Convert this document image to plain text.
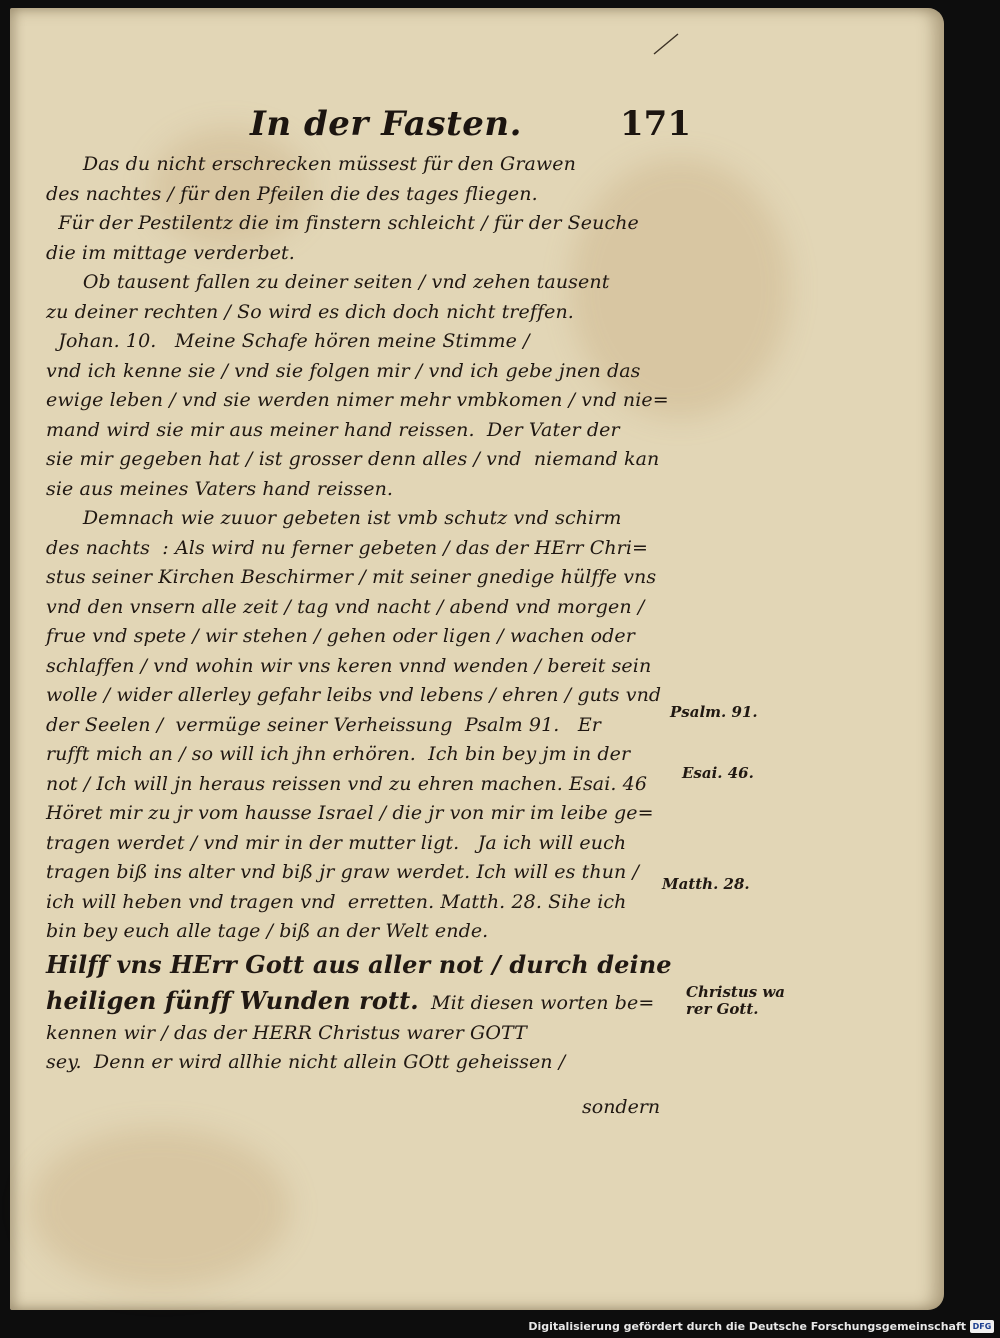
In der Fasten.	171
Das du nicht erschrecken müssest für den Grawen
des nachtes / für den Pfeilen die des tages fliegen.
Für der Pestilentz die im finstern schleicht / für der Seuche
die im mittage verderbet.
Ob tausent fallen zu deiner seiten / vnd zehen tausent
zu deiner rechten / So wird es dich doch nicht treffen.
Johan. 10.   Meine Schafe hören meine Stimme /
vnd ich kenne sie / vnd sie folgen mir / vnd ich gebe jnen das
ewige leben / vnd sie werden nimer mehr vmbkomen / vnd nie=
mand wird sie mir aus meiner hand reissen.  Der Vater der
sie mir gegeben hat / ist grosser denn alles / vnd  niemand kan
sie aus meines Vaters hand reissen.
Demnach wie zuuor gebeten ist vmb schutz vnd schirm
des nachts  : Als wird nu ferner gebeten / das der HErr Chri=
stus seiner Kirchen Beschirmer / mit seiner gnedige hülffe vns
vnd den vnsern alle zeit / tag vnd nacht / abend vnd morgen /
frue vnd spete / wir stehen / gehen oder ligen / wachen oder
schlaffen / vnd wohin wir vns keren vnnd wenden / bereit sein
wolle / wider allerley gefahr leibs vnd lebens / ehren / guts vnd
der Seelen /  vermüge seiner Verheissung  Psalm 91.   Er
rufft mich an / so will ich jhn erhören.  Ich bin bey jm in der
not / Ich will jn heraus reissen vnd zu ehren machen. Esai. 46
Höret mir zu jr vom hausse Israel / die jr von mir im leibe ge=
tragen werdet / vnd mir in der mutter ligt.   Ja ich will euch
tragen biß ins alter vnd biß jr graw werdet. Ich will es thun /
ich will heben vnd tragen vnd  erretten. Matth. 28. Sihe ich
bin bey euch alle tage / biß an der Welt ende.
Hilff vns HErr Gott aus aller not / durch deine
heiligen fünff Wunden rott.  Mit diesen worten be=
kennen wir / das der HERR Christus warer GOTT
sey.  Denn er wird allhie nicht allein GOtt geheissen /
sondern
Psalm. 91.
Esai. 46.
Matth. 28.
Christus wa
rer Gott.
Digitalisierung gefördert durch die Deutsche Forschungsgemeinschaft DFG
